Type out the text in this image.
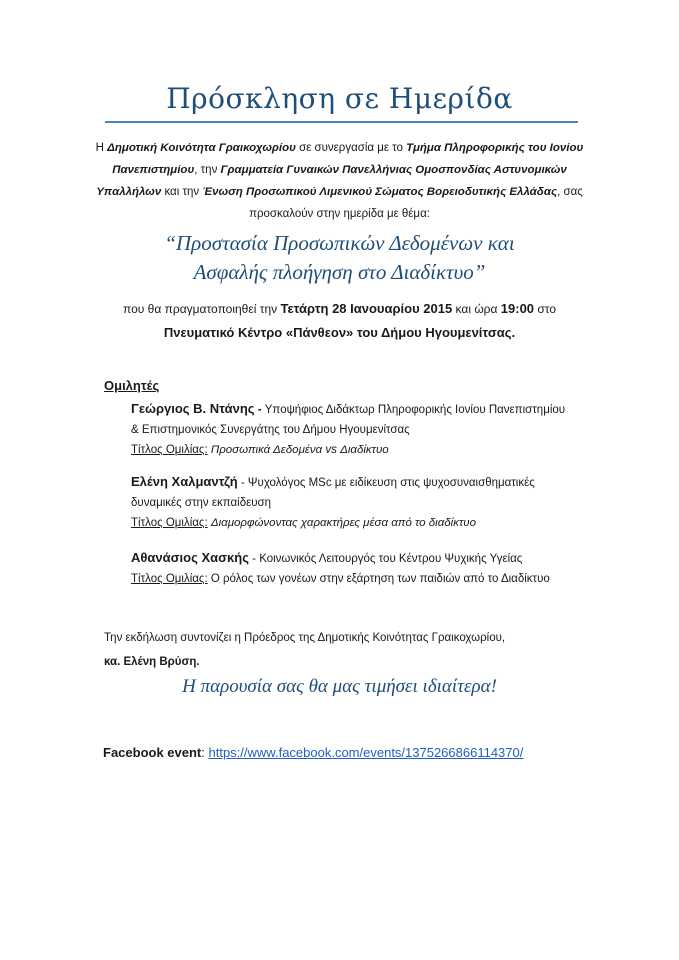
Πρόσκληση σε Ημερίδα
Η Δημοτική Κοινότητα Γραικοχωρίου σε συνεργασία με το Τμήμα Πληροφορικής του Ιονίου Πανεπιστημίου, την Γραμματεία Γυναικών Πανελλήνιας Ομοσπονδίας Αστυνομικών Υπαλλήλων και την Ένωση Προσωπικού Λιμενικού Σώματος Βορειοδυτικής Ελλάδας, σας προσκαλούν στην ημερίδα με θέμα:
“Προστασία Προσωπικών Δεδομένων και
Ασφαλής πλοήγηση στο Διαδίκτυο”
που θα πραγματοποιηθεί την Τετάρτη 28 Ιανουαρίου 2015 και ώρα 19:00 στο
Πνευματικό Κέντρο «Πάνθεον» του Δήμου Ηγουμενίτσας.
Ομιλητές
Γεώργιος Β. Ντάνης - Υποψήφιος Διδάκτωρ Πληροφορικής Ιονίου Πανεπιστημίου & Επιστημονικός Συνεργάτης του Δήμου Ηγουμενίτσας
Τίτλος Ομιλίας: Προσωπικά Δεδομένα vs Διαδίκτυο
Ελένη Χαλμαντζή - Ψυχολόγος MSc με ειδίκευση στις ψυχοσυναισθηματικές δυναμικές στην εκπαίδευση
Τίτλος Ομιλίας: Διαμορφώνοντας χαρακτήρες μέσα από το διαδίκτυο
Αθανάσιος Χασκής - Κοινωνικός Λειτουργός του Κέντρου Ψυχικής Υγείας
Τίτλος Ομιλίας: Ο ρόλος των γονέων στην εξάρτηση των παιδιών από το Διαδίκτυο
Την εκδήλωση συντονίζει η Πρόεδρος της Δημοτικής Κοινότητας Γραικοχωρίου,
κα. Ελένη Βρύση.
Η παρουσία σας θα μας τιμήσει ιδιαίτερα!
Facebook event: https://www.facebook.com/events/1375266866114370/
